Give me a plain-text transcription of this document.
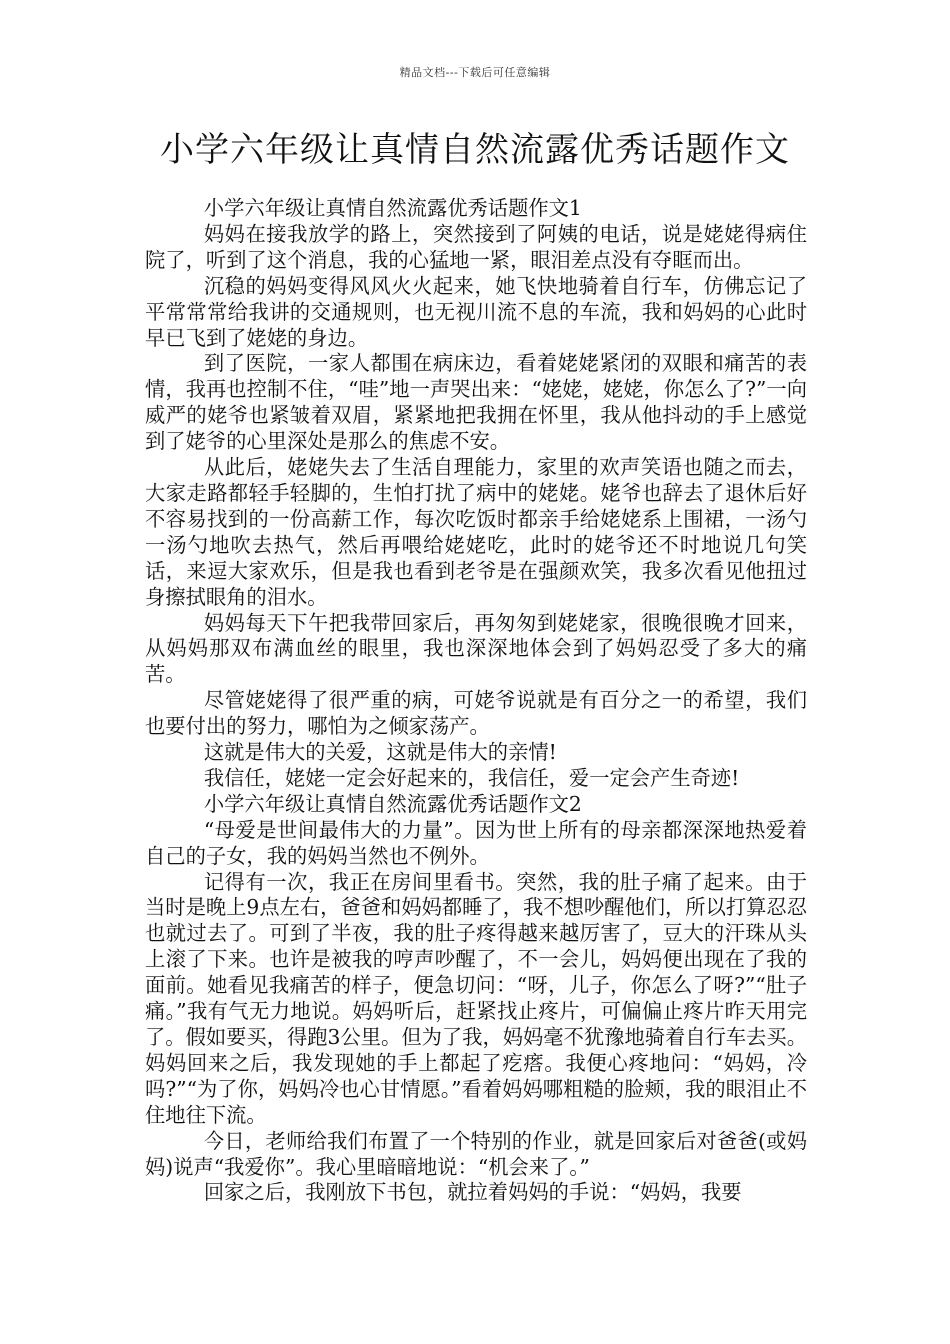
精品文档---下载后可任意编辑
小学六年级让真情自然流露优秀话题作文

小学六年级让真情自然流露优秀话题作文1

妈妈在接我放学的路上，突然接到了阿姨的电话，说是姥姥得病住院了，听到了这个消息，我的心猛地一紧，眼泪差点没有夺眶而出。

沉稳的妈妈变得风风火火起来，她飞快地骑着自行车，仿佛忘记了平常常常给我讲的交通规则，也无视川流不息的车流，我和妈妈的心此时早已飞到了姥姥的身边。

到了医院，一家人都围在病床边，看着姥姥紧闭的双眼和痛苦的表情，我再也控制不住，“哇”地一声哭出来：“姥姥，姥姥，你怎么了?”一向威严的姥爷也紧皱着双眉，紧紧地把我拥在怀里，我从他抖动的手上感觉到了姥爷的心里深处是那么的焦虑不安。

从此后，姥姥失去了生活自理能力，家里的欢声笑语也随之而去，大家走路都轻手轻脚的，生怕打扰了病中的姥姥。姥爷也辞去了退休后好不容易找到的一份高薪工作，每次吃饭时都亲手给姥姥系上围裙，一汤勺一汤勺地吹去热气，然后再喂给姥姥吃，此时的姥爷还不时地说几句笑话，来逗大家欢乐，但是我也看到老爷是在强颜欢笑，我多次看见他扭过身擦拭眼角的泪水。

妈妈每天下午把我带回家后，再匆匆到姥姥家，很晚很晚才回来，从妈妈那双布满血丝的眼里，我也深深地体会到了妈妈忍受了多大的痛苦。

尽管姥姥得了很严重的病，可姥爷说就是有百分之一的希望，我们也要付出的努力，哪怕为之倾家荡产。

这就是伟大的关爱，这就是伟大的亲情!

我信任，姥姥一定会好起来的，我信任，爱一定会产生奇迹!

小学六年级让真情自然流露优秀话题作文2

“母爱是世间最伟大的力量”。因为世上所有的母亲都深深地热爱着自己的子女，我的妈妈当然也不例外。

记得有一次，我正在房间里看书。突然，我的肚子痛了起来。由于当时是晚上9点左右，爸爸和妈妈都睡了，我不想吵醒他们，所以打算忍忍也就过去了。可到了半夜，我的肚子疼得越来越厉害了，豆大的汗珠从头上滚了下来。也许是被我的哼声吵醒了，不一会儿，妈妈便出现在了我的面前。她看见我痛苦的样子，便急切问：“呀，儿子，你怎么了呀?”“肚子痛。”我有气无力地说。妈妈听后，赶紧找止疼片，可偏偏止疼片昨天用完了。假如要买，得跑3公里。但为了我，妈妈毫不犹豫地骑着自行车去买。妈妈回来之后，我发现她的手上都起了疙瘩。我便心疼地问：“妈妈，冷吗?”“为了你，妈妈冷也心甘情愿。”看着妈妈哪粗糙的脸颊，我的眼泪止不住地往下流。

今日，老师给我们布置了一个特别的作业，就是回家后对爸爸(或妈妈)说声“我爱你”。我心里暗暗地说：“机会来了。”

回家之后，我刚放下书包，就拉着妈妈的手说：“妈妈，我要
